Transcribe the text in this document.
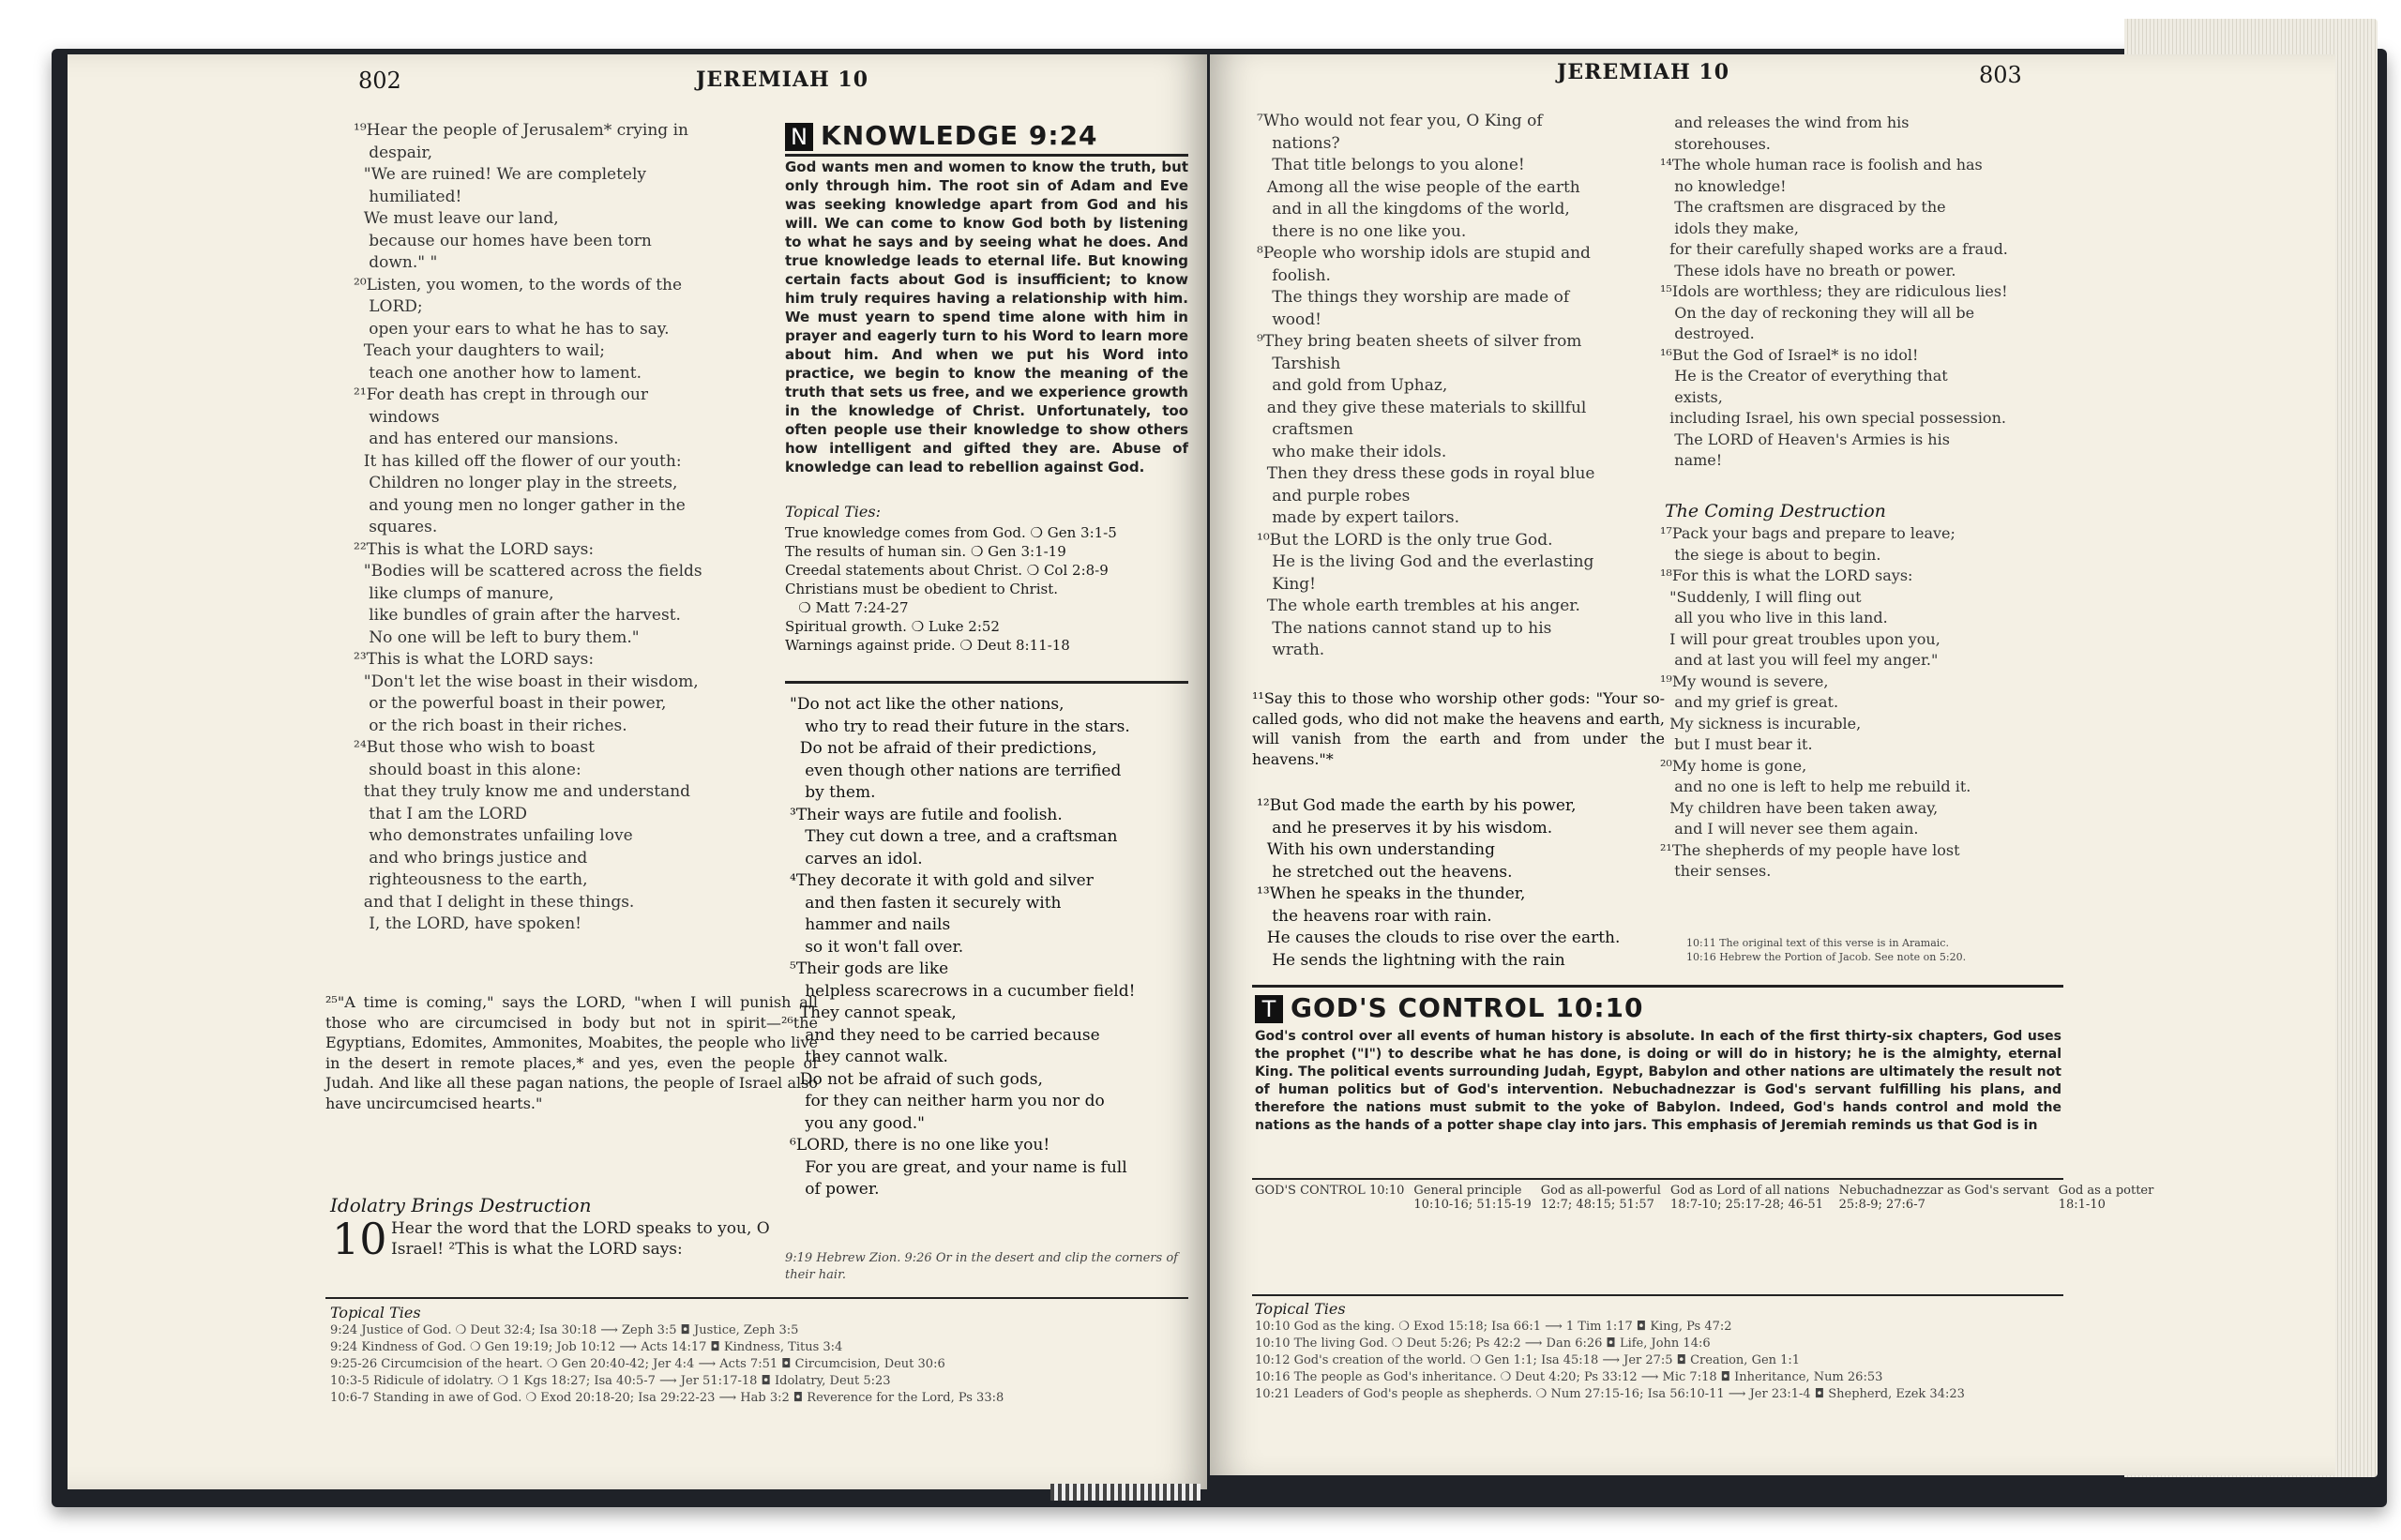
802	JEREMIAH 10
¹⁹Hear the people of Jerusalem* crying in
despair,
"We are ruined! We are completely
humiliated!
We must leave our land,
because our homes have been torn
down." "
²⁰Listen, you women, to the words of the
LORD;
open your ears to what he has to say.
Teach your daughters to wail;
teach one another how to lament.
²¹For death has crept in through our
windows
and has entered our mansions.
It has killed off the flower of our youth:
Children no longer play in the streets,
and young men no longer gather in the
squares.
²²This is what the LORD says:
"Bodies will be scattered across the fields
like clumps of manure,
like bundles of grain after the harvest.
No one will be left to bury them."
²³This is what the LORD says:
"Don't let the wise boast in their wisdom,
or the powerful boast in their power,
or the rich boast in their riches.
²⁴But those who wish to boast
should boast in this alone:
that they truly know me and understand
that I am the LORD
who demonstrates unfailing love
and who brings justice and
righteousness to the earth,
and that I delight in these things.
I, the LORD, have spoken!
²⁵"A time is coming," says the LORD, "when I will punish all those who are circumcised in body but not in spirit—²⁶the Egyptians, Edomites, Ammonites, Moabites, the people who live in the desert in remote places,* and yes, even the people of Judah. And like all these pagan nations, the people of Israel also have uncircumcised hearts."
Idolatry Brings Destruction
10 Hear the word that the LORD speaks to you, O Israel! ²This is what the LORD says:
N KNOWLEDGE 9:24
God wants men and women to know the truth, but only through him. The root sin of Adam and Eve was seeking knowledge apart from God and his will. We can come to know God both by listening to what he says and by seeing what he does. And true knowledge leads to eternal life. But knowing certain facts about God is insufficient; to know him truly requires having a relationship with him. We must yearn to spend time alone with him in prayer and eagerly turn to his Word to learn more about him. And when we put his Word into practice, we begin to know the meaning of the truth that sets us free, and we experience growth in the knowledge of Christ. Unfortunately, too often people use their knowledge to show others how intelligent and gifted they are. Abuse of knowledge can lead to rebellion against God.
Topical Ties:
True knowledge comes from God. ❍ Gen 3:1-5
The results of human sin. ❍ Gen 3:1-19
Creedal statements about Christ. ❍ Col 2:8-9
Christians must be obedient to Christ.
❍ Matt 7:24-27
Spiritual growth. ❍ Luke 2:52
Warnings against pride. ❍ Deut 8:11-18
"Do not act like the other nations,
who try to read their future in the stars.
Do not be afraid of their predictions,
even though other nations are terrified
by them.
³Their ways are futile and foolish.
They cut down a tree, and a craftsman
carves an idol.
⁴They decorate it with gold and silver
and then fasten it securely with
hammer and nails
so it won't fall over.
⁵Their gods are like
helpless scarecrows in a cucumber field!
They cannot speak,
and they need to be carried because
they cannot walk.
Do not be afraid of such gods,
for they can neither harm you nor do
you any good."
⁶LORD, there is no one like you!
For you are great, and your name is full
of power.
9:19 Hebrew Zion. 9:26 Or in the desert and clip the corners of their hair.
Topical Ties
9:24 Justice of God. ❍ Deut 32:4; Isa 30:18 ⟶ Zeph 3:5 ◘ Justice, Zeph 3:5
9:24 Kindness of God. ❍ Gen 19:19; Job 10:12 ⟶ Acts 14:17 ◘ Kindness, Titus 3:4
9:25-26 Circumcision of the heart. ❍ Gen 20:40-42; Jer 4:4 ⟶ Acts 7:51 ◘ Circumcision, Deut 30:6
10:3-5 Ridicule of idolatry. ❍ 1 Kgs 18:27; Isa 40:5-7 ⟶ Jer 51:17-18 ◘ Idolatry, Deut 5:23
10:6-7 Standing in awe of God. ❍ Exod 20:18-20; Isa 29:22-23 ⟶ Hab 3:2 ◘ Reverence for the Lord, Ps 33:8
JEREMIAH 10	803
⁷Who would not fear you, O King of
nations?
That title belongs to you alone!
Among all the wise people of the earth
and in all the kingdoms of the world,
there is no one like you.
⁸People who worship idols are stupid and
foolish.
The things they worship are made of
wood!
⁹They bring beaten sheets of silver from
Tarshish
and gold from Uphaz,
and they give these materials to skillful
craftsmen
who make their idols.
Then they dress these gods in royal blue
and purple robes
made by expert tailors.
¹⁰But the LORD is the only true God.
He is the living God and the everlasting
King!
The whole earth trembles at his anger.
The nations cannot stand up to his
wrath.
¹¹Say this to those who worship other gods: "Your so-called gods, who did not make the heavens and earth, will vanish from the earth and from under the heavens."*
¹²But God made the earth by his power,
and he preserves it by his wisdom.
With his own understanding
he stretched out the heavens.
¹³When he speaks in the thunder,
the heavens roar with rain.
He causes the clouds to rise over the earth.
He sends the lightning with the rain
and releases the wind from his
storehouses.
¹⁴The whole human race is foolish and has
no knowledge!
The craftsmen are disgraced by the
idols they make,
for their carefully shaped works are a fraud.
These idols have no breath or power.
¹⁵Idols are worthless; they are ridiculous lies!
On the day of reckoning they will all be
destroyed.
¹⁶But the God of Israel* is no idol!
He is the Creator of everything that
exists,
including Israel, his own special possession.
The LORD of Heaven's Armies is his
name!
The Coming Destruction
¹⁷Pack your bags and prepare to leave;
the siege is about to begin.
¹⁸For this is what the LORD says:
"Suddenly, I will fling out
all you who live in this land.
I will pour great troubles upon you,
and at last you will feel my anger."
¹⁹My wound is severe,
and my grief is great.
My sickness is incurable,
but I must bear it.
²⁰My home is gone,
and no one is left to help me rebuild it.
My children have been taken away,
and I will never see them again.
²¹The shepherds of my people have lost
their senses.
10:11 The original text of this verse is in Aramaic.
10:16 Hebrew the Portion of Jacob. See note on 5:20.
T GOD'S CONTROL 10:10
God's control over all events of human history is absolute. In each of the first thirty-six chapters, God uses the prophet ("I") to describe what he has done, is doing or will do in history; he is the almighty, eternal King. The political events surrounding Judah, Egypt, Babylon and other nations are ultimately the result not of human politics but of God's intervention. Nebuchadnezzar is God's servant fulfilling his plans, and therefore the nations must submit to the yoke of Babylon. Indeed, God's hands control and mold the nations as the hands of a potter shape clay into jars. This emphasis of Jeremiah reminds us that God is in
GOD'S CONTROL 10:10	General principle	God as all-powerful	God as Lord of all nations	Nebuchadnezzar as God's servant	God as a potter
	10:10-16; 51:15-19	12:7; 48:15; 51:57	18:7-10; 25:17-28; 46-51	25:8-9; 27:6-7	18:1-10
Topical Ties
10:10 God as the king. ❍ Exod 15:18; Isa 66:1 ⟶ 1 Tim 1:17 ◘ King, Ps 47:2
10:10 The living God. ❍ Deut 5:26; Ps 42:2 ⟶ Dan 6:26 ◘ Life, John 14:6
10:12 God's creation of the world. ❍ Gen 1:1; Isa 45:18 ⟶ Jer 27:5 ◘ Creation, Gen 1:1
10:16 The people as God's inheritance. ❍ Deut 4:20; Ps 33:12 ⟶ Mic 7:18 ◘ Inheritance, Num 26:53
10:21 Leaders of God's people as shepherds. ❍ Num 27:15-16; Isa 56:10-11 ⟶ Jer 23:1-4 ◘ Shepherd, Ezek 34:23
